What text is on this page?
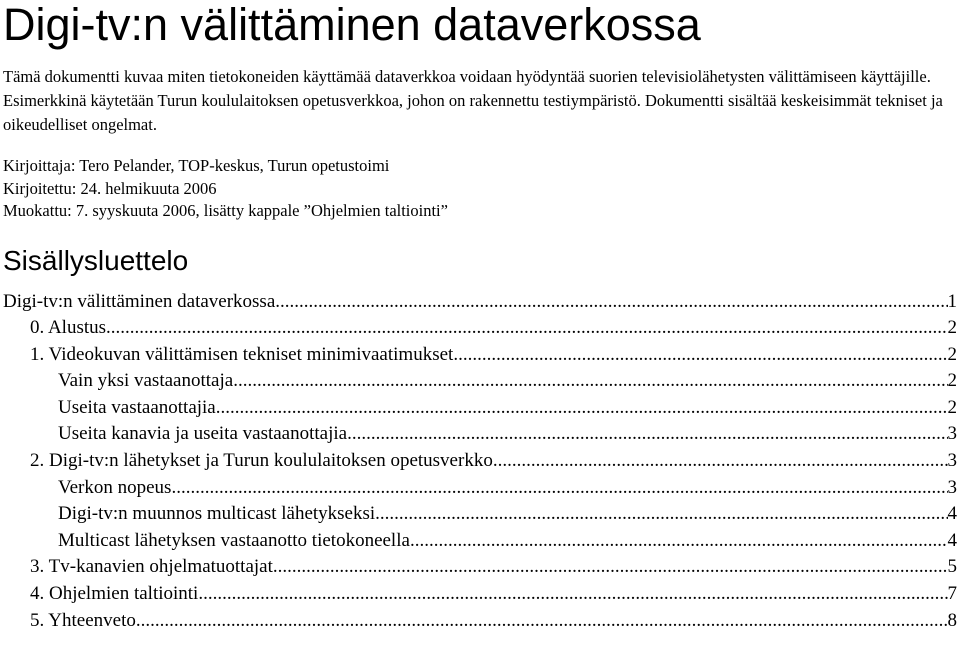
Digi-tv:n välittäminen dataverkossa

Tämä dokumentti kuvaa miten tietokoneiden käyttämää dataverkkoa voidaan hyödyntää suorien televisiolähetysten välittämiseen käyttäjille. Esimerkkinä käytetään Turun koululaitoksen opetusverkkoa, johon on rakennettu testiympäristö. Dokumentti sisältää keskeisimmät tekniset ja oikeudelliset ongelmat.

Kirjoittaja: Tero Pelander, TOP-keskus, Turun opetustoimi
Kirjoitettu: 24. helmikuuta 2006
Muokattu: 7. syyskuuta 2006, lisätty kappale ”Ohjelmien taltiointi”
Sisällysluettelo
Digi-tv:n välittäminen dataverkossa .....	1
0. Alustus .....	2
1. Videokuvan välittämisen tekniset minimivaatimukset .....	2
Vain yksi vastaanottaja .....	2
Useita vastaanottajia .....	2
Useita kanavia ja useita vastaanottajia .....	3
2. Digi-tv:n lähetykset ja Turun koululaitoksen opetusverkko .....	3
Verkon nopeus .....	3
Digi-tv:n muunnos multicast lähetykseksi .....	4
Multicast lähetyksen vastaanotto tietokoneella .....	4
3. Tv-kanavien ohjelmatuottajat .....	5
4. Ohjelmien taltiointi .....	7
5. Yhteenveto .....	8
